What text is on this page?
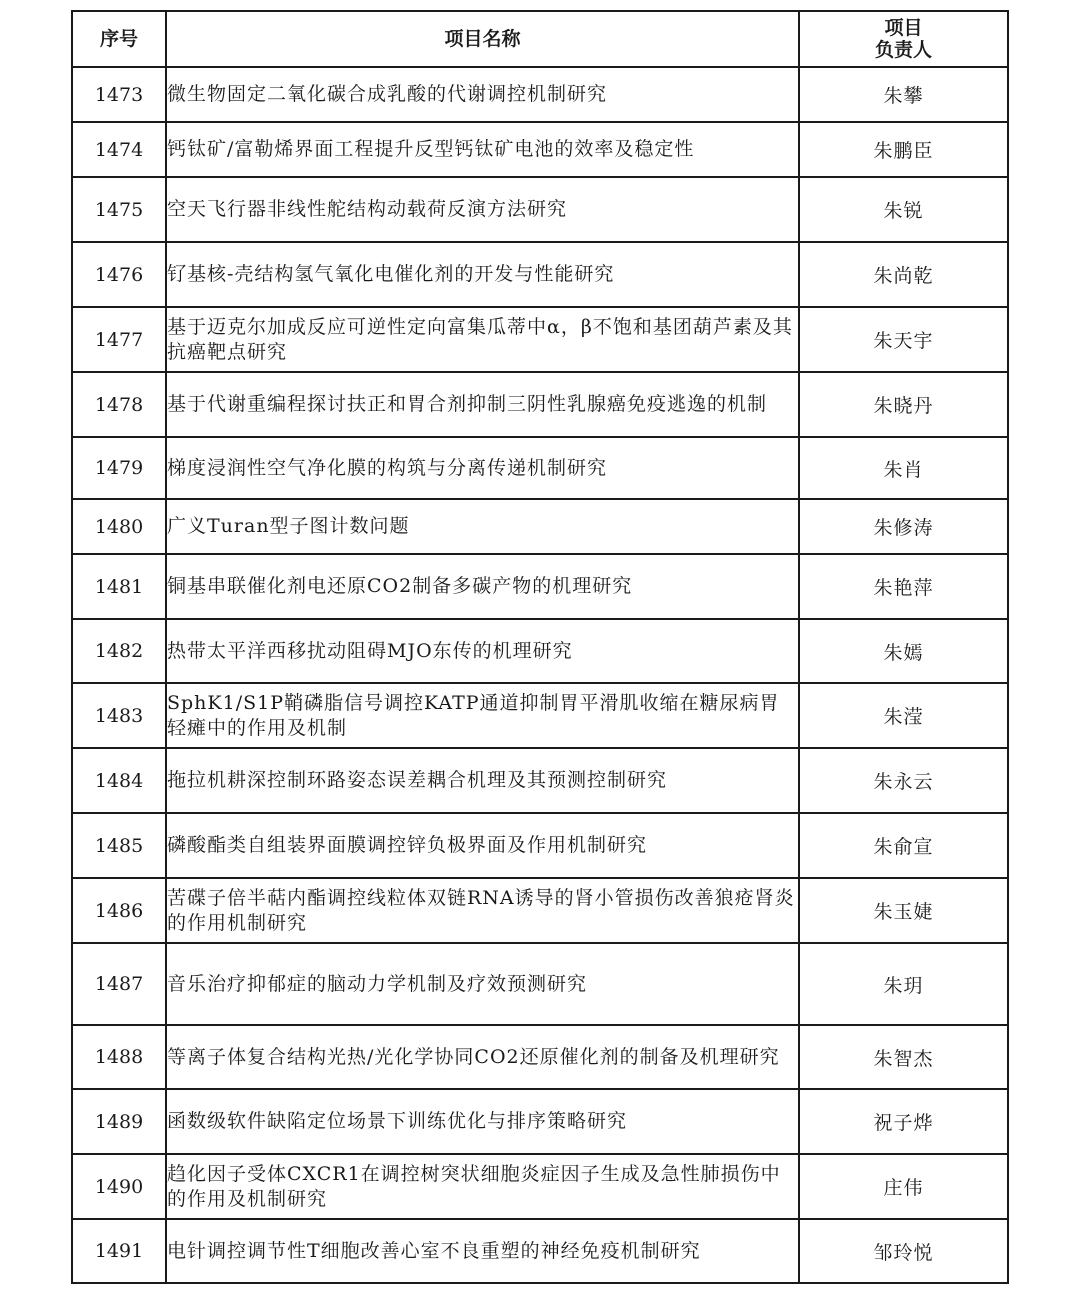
序号	项目名称	项目
负责人

1473	微生物固定二氧化碳合成乳酸的代谢调控机制研究	朱攀
1474	钙钛矿/富勒烯界面工程提升反型钙钛矿电池的效率及稳定性	朱鹏臣
1475	空天飞行器非线性舵结构动载荷反演方法研究	朱锐
1476	钌基核-壳结构氢气氧化电催化剂的开发与性能研究	朱尚乾
1477	基于迈克尔加成反应可逆性定向富集瓜蒂中α，β不饱和基团葫芦素及其抗癌靶点研究	朱天宇
1478	基于代谢重编程探讨扶正和胃合剂抑制三阴性乳腺癌免疫逃逸的机制	朱晓丹
1479	梯度浸润性空气净化膜的构筑与分离传递机制研究	朱肖
1480	广义Turan型子图计数问题	朱修涛
1481	铜基串联催化剂电还原CO2制备多碳产物的机理研究	朱艳萍
1482	热带太平洋西移扰动阻碍MJO东传的机理研究	朱嫣
1483	SphK1/S1P鞘磷脂信号调控KATP通道抑制胃平滑肌收缩在糖尿病胃轻瘫中的作用及机制	朱滢
1484	拖拉机耕深控制环路姿态误差耦合机理及其预测控制研究	朱永云
1485	磷酸酯类自组装界面膜调控锌负极界面及作用机制研究	朱俞宣
1486	苦碟子倍半萜内酯调控线粒体双链RNA诱导的肾小管损伤改善狼疮肾炎的作用机制研究	朱玉婕
1487	音乐治疗抑郁症的脑动力学机制及疗效预测研究	朱玥
1488	等离子体复合结构光热/光化学协同CO2还原催化剂的制备及机理研究	朱智杰
1489	函数级软件缺陷定位场景下训练优化与排序策略研究	祝子烨
1490	趋化因子受体CXCR1在调控树突状细胞炎症因子生成及急性肺损伤中的作用及机制研究	庄伟
1491	电针调控调节性T细胞改善心室不良重塑的神经免疫机制研究	邹玲悦
